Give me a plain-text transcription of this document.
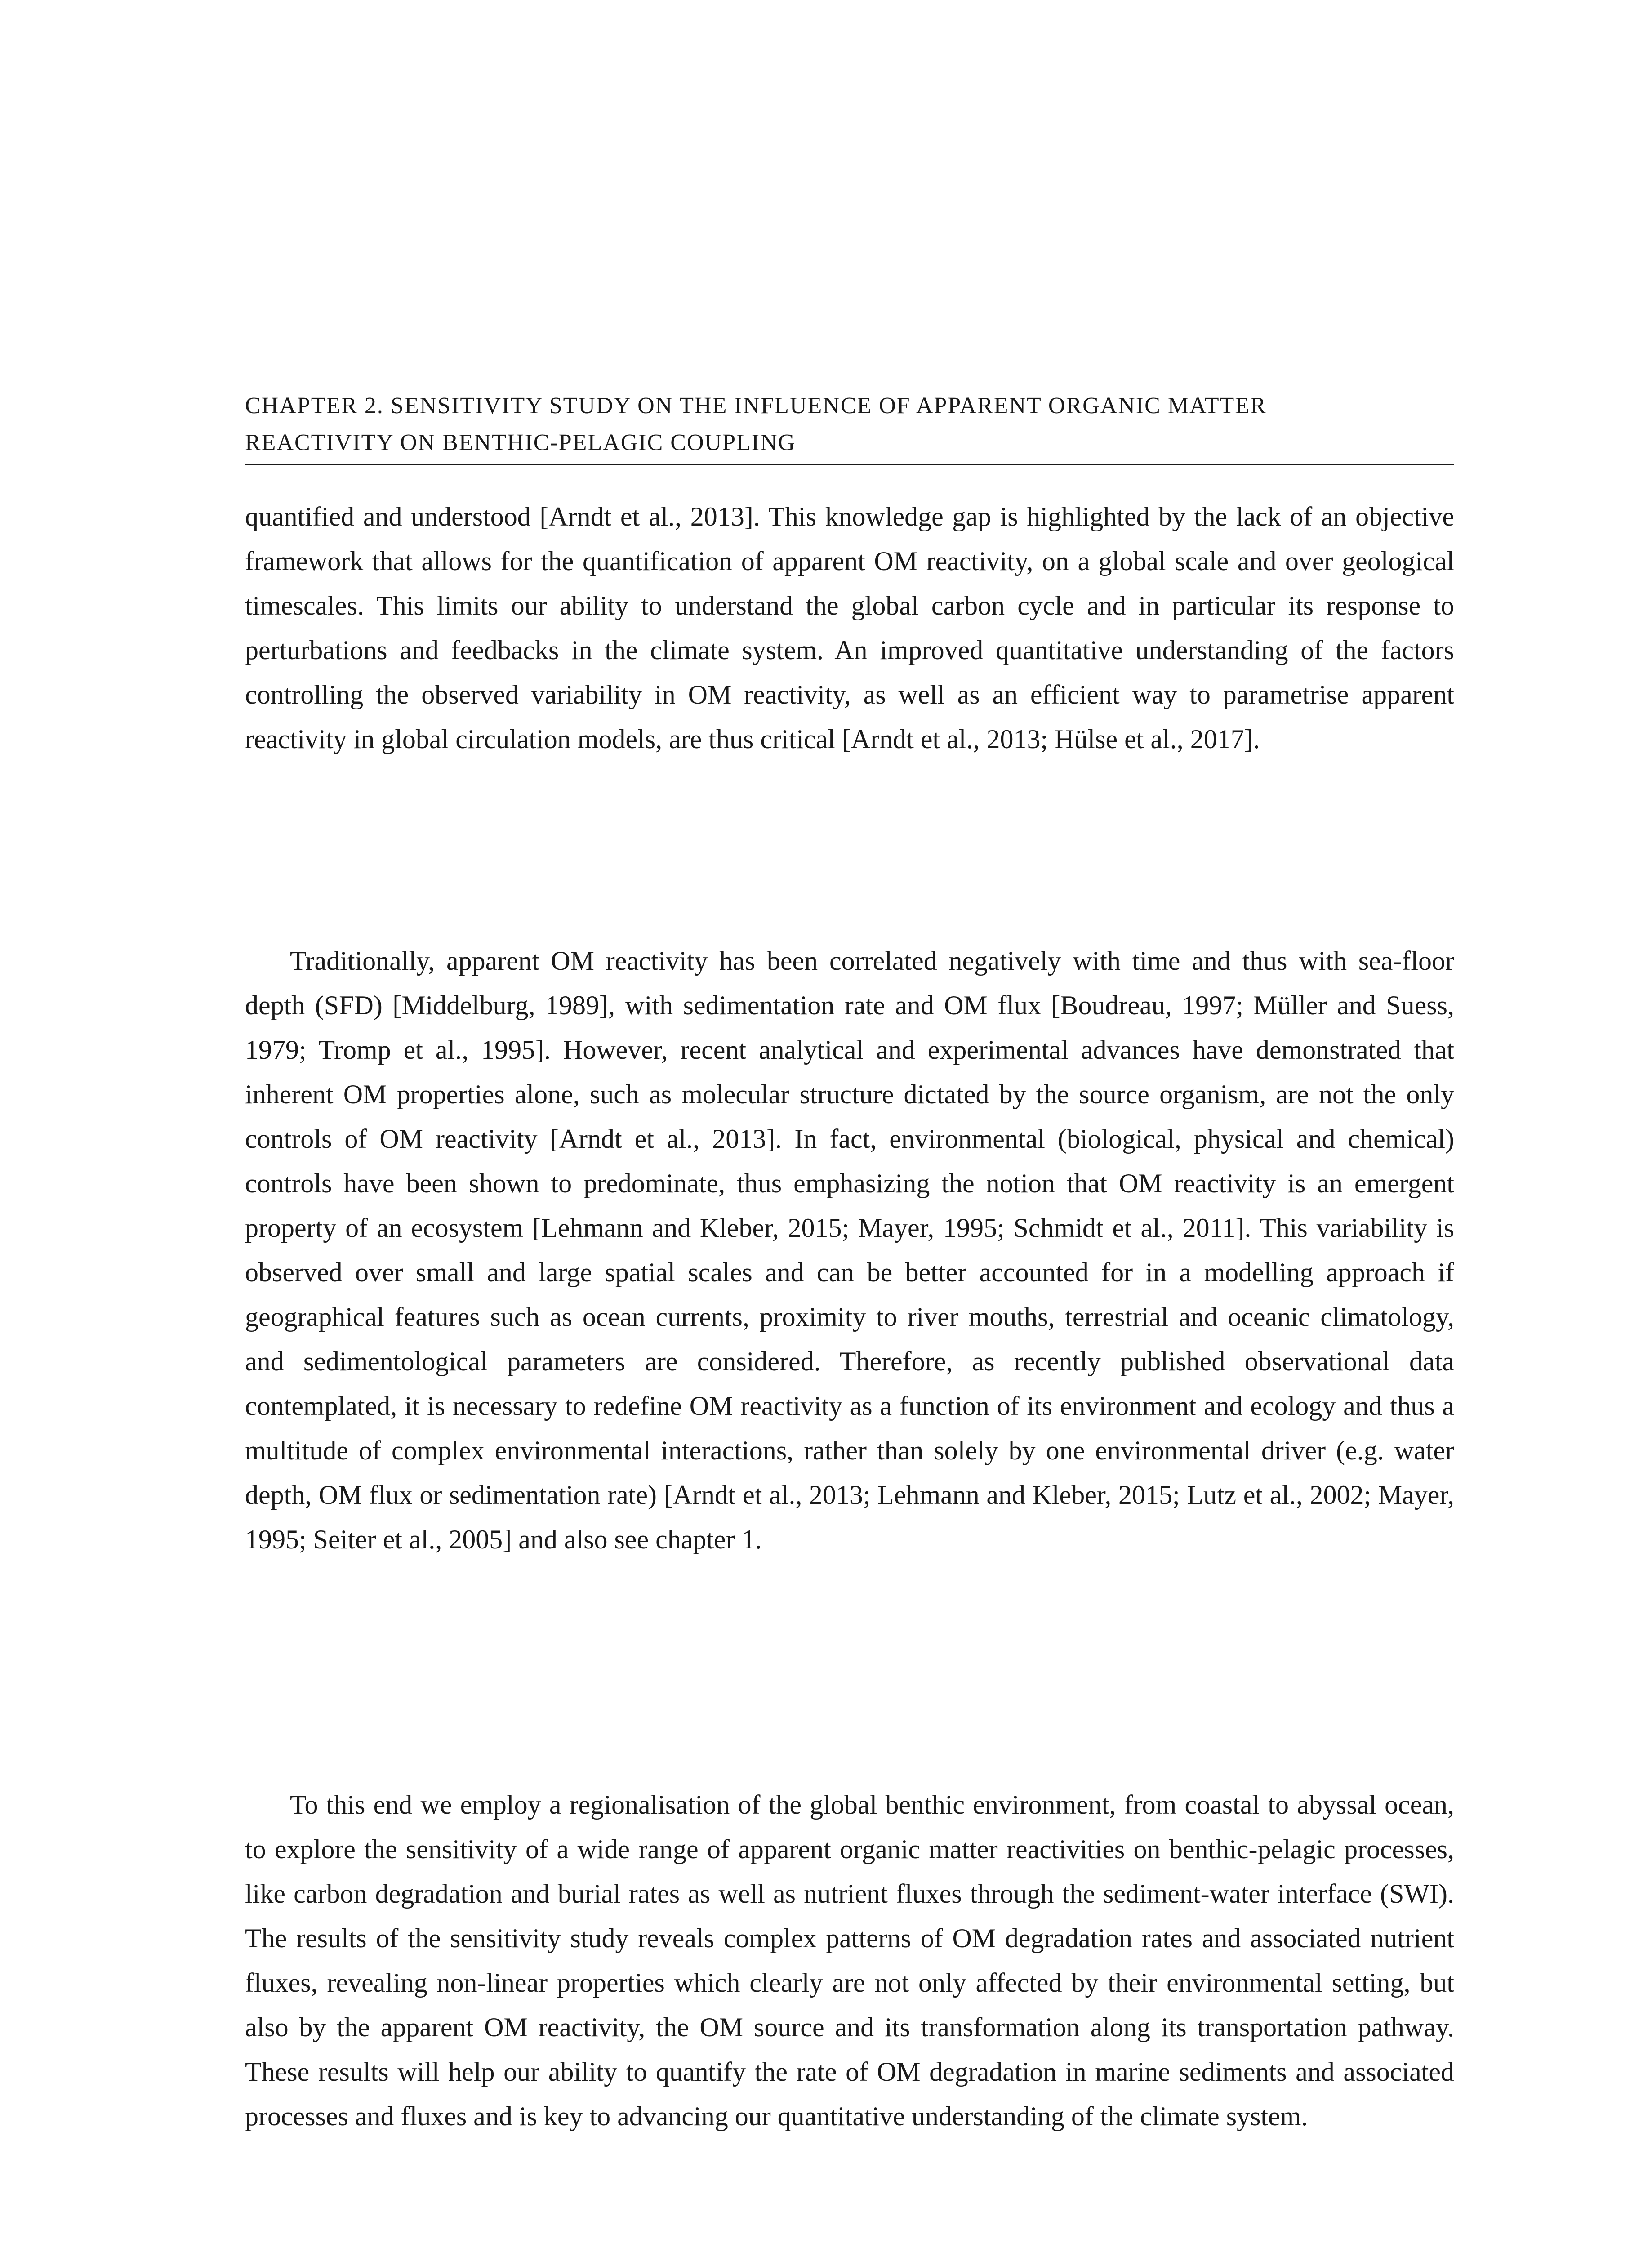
CHAPTER 2. SENSITIVITY STUDY ON THE INFLUENCE OF APPARENT ORGANIC MATTER
REACTIVITY ON BENTHIC-PELAGIC COUPLING

quantified and understood [Arndt et al., 2013]. This knowledge gap is highlighted by the lack of an objective framework that allows for the quantification of apparent OM reactivity, on a global scale and over geological timescales. This limits our ability to understand the global carbon cycle and in particular its response to perturbations and feedbacks in the climate system. An improved quantitative understanding of the factors controlling the observed variability in OM reactivity, as well as an efficient way to parametrise apparent reactivity in global circulation models, are thus critical [Arndt et al., 2013; Hülse et al., 2017].

Traditionally, apparent OM reactivity has been correlated negatively with time and thus with sea-floor depth (SFD) [Middelburg, 1989], with sedimentation rate and OM flux [Boudreau, 1997; Müller and Suess, 1979; Tromp et al., 1995]. However, recent analytical and experimental advances have demonstrated that inherent OM properties alone, such as molecular structure dictated by the source organism, are not the only controls of OM reactivity [Arndt et al., 2013]. In fact, environmental (biological, physical and chemical) controls have been shown to predominate, thus emphasizing the notion that OM reactivity is an emergent property of an ecosystem [Lehmann and Kleber, 2015; Mayer, 1995; Schmidt et al., 2011]. This variability is observed over small and large spatial scales and can be better accounted for in a modelling approach if geographical features such as ocean currents, proximity to river mouths, terrestrial and oceanic climatology, and sedimentological parameters are considered. Therefore, as recently published observational data contemplated, it is necessary to redefine OM reactivity as a function of its environment and ecology and thus a multitude of complex environmental interactions, rather than solely by one environmental driver (e.g. water depth, OM flux or sedimentation rate) [Arndt et al., 2013; Lehmann and Kleber, 2015; Lutz et al., 2002; Mayer, 1995; Seiter et al., 2005] and also see chapter 1.

To this end we employ a regionalisation of the global benthic environment, from coastal to abyssal ocean, to explore the sensitivity of a wide range of apparent organic matter reactivities on benthic-pelagic processes, like carbon degradation and burial rates as well as nutrient fluxes through the sediment-water interface (SWI). The results of the sensitivity study reveals complex patterns of OM degradation rates and associated nutrient fluxes, revealing non-linear properties which clearly are not only affected by their environmental setting, but also by the apparent OM reactivity, the OM source and its transformation along its transportation pathway. These results will help our ability to quantify the rate of OM degradation in marine sediments and associated processes and fluxes and is key to advancing our quantitative understanding of the climate system.
